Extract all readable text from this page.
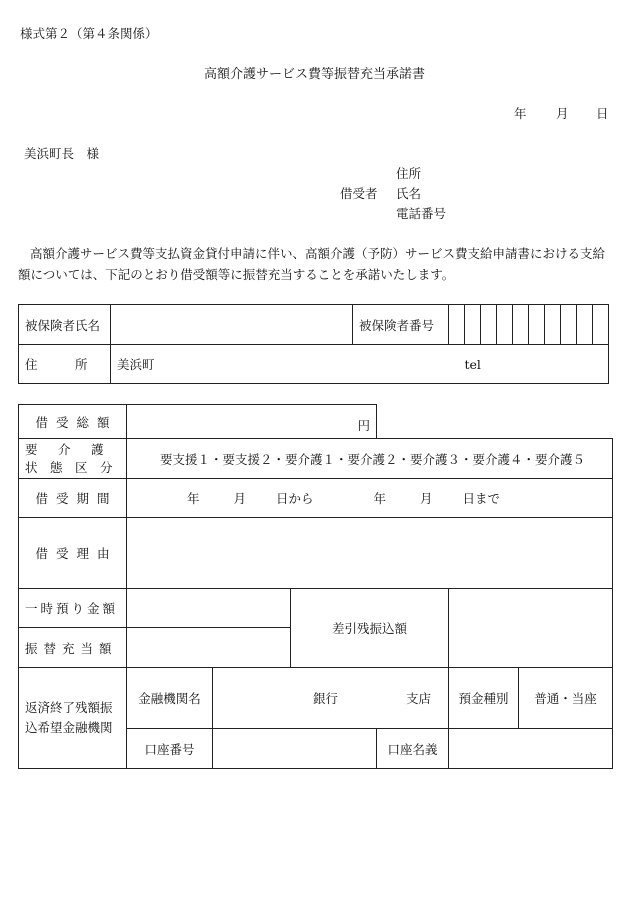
様式第２（第４条関係）
高額介護サービス費等振替充当承諾書
年 月 日
美浜町長　様
住所
借受者 氏名
電話番号

高額介護サービス費等支払資金貸付申請に伴い、高額介護（予防）サービス費支給申請書における支給額については、下記のとおり借受額等に振替充当することを承諾いたします。

被保険者氏名		被保険者番号										
住　　　所	美浜町 tel											
借受総額	円					

要　介　護
状　態　区　分	要支援１・要支援２・要介護１・要介護２・要介護３・要介護４・要介護５					
借受期間	年 月 日から 年 月 日まで					
借受理由						
一時預り金額			差引残振込額			
振替充当額						

返済終了残額振
込希望金融機関	金融機関名	銀行 支店			預金種別	普通・当座
	口座番号			口座名義		
